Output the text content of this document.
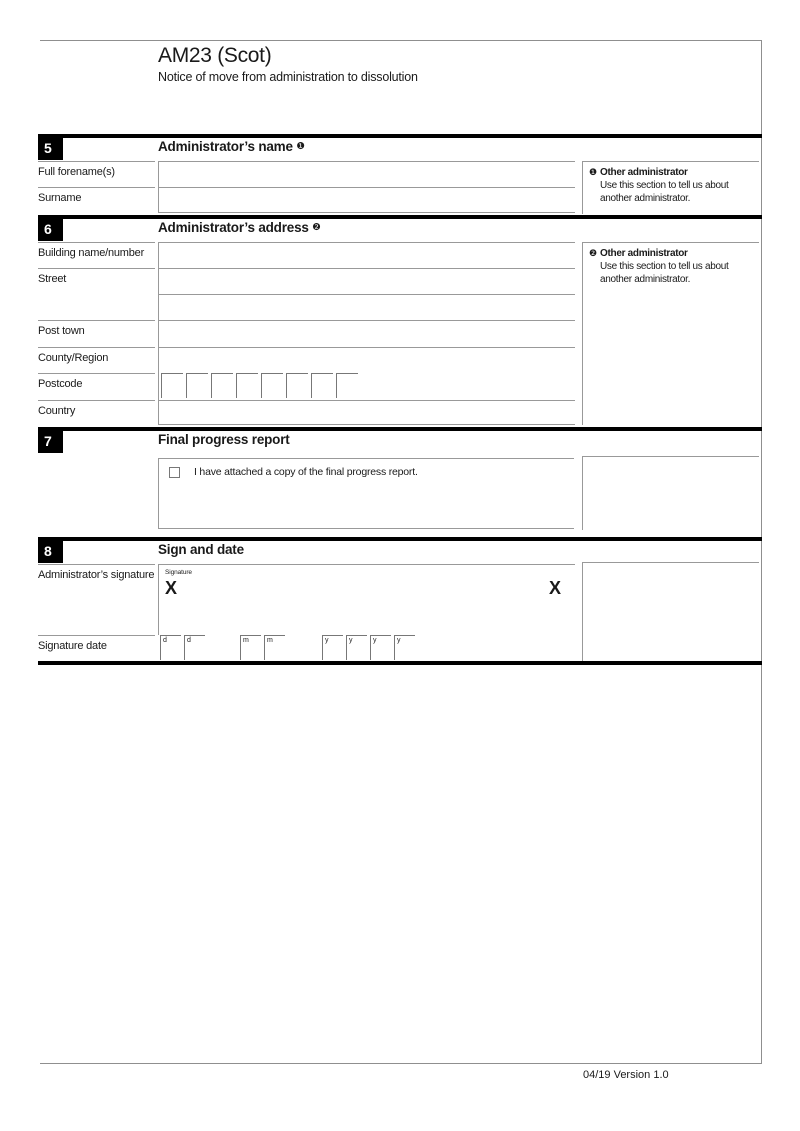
AM23 (Scot)
Notice of move from administration to dissolution
5	Administrator’s name ❶
Full forename(s)
Surname
❶ Other administrator
Use this section to tell us about another administrator.
6	Administrator’s address ❷
Building name/number
Street
Post town
County/Region
Postcode
Country
❷ Other administrator
Use this section to tell us about another administrator.
7	Final progress report
I have attached a copy of the final progress report.
8	Sign and date
Administrator’s signature Signature
X	X
Signature date	d	d	m	m	y	y	y	y
04/19 Version 1.0
